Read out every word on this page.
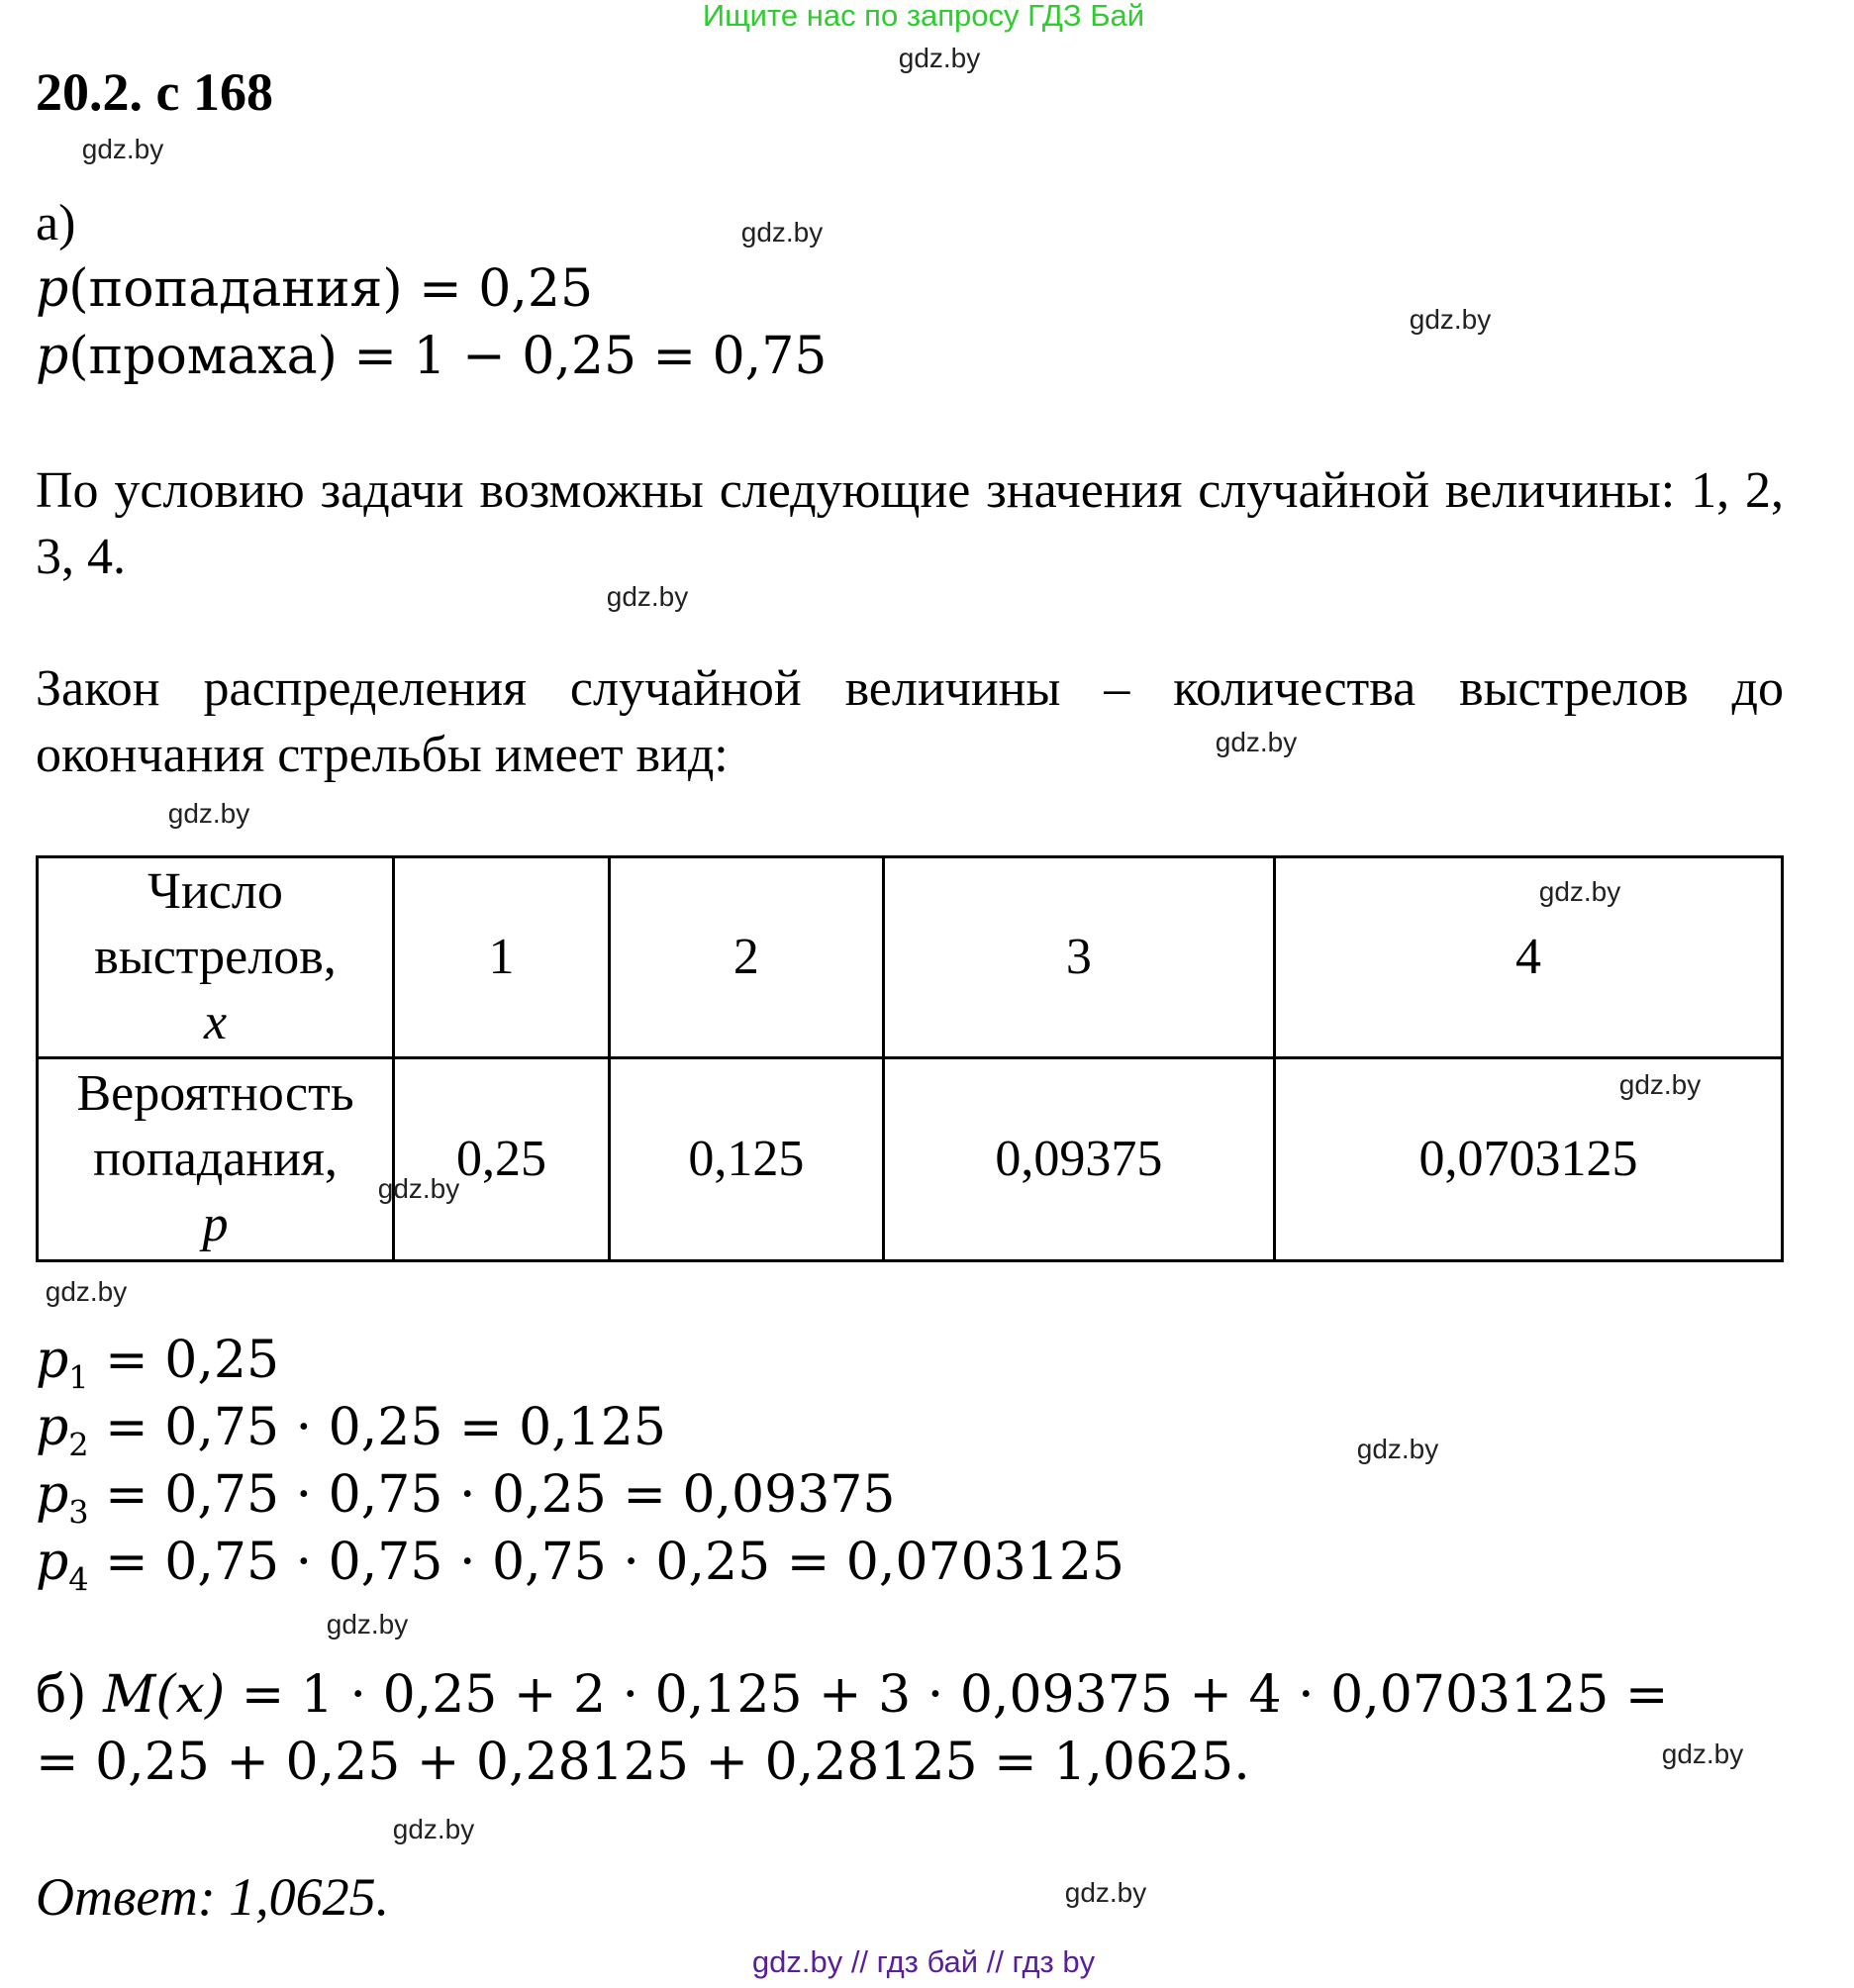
Ищите нас по запросу ГДЗ Бай
20.2. с 168
а)
p(попадания) = 0,25
p(промаха) = 1 − 0,25 = 0,75
По условию задачи возможны следующие значения случайной величины: 1, 2, 3, 4.
Закон распределения случайной величины – количества выстрелов до окончания стрельбы имеет вид:
Число
выстрелов,
x	1	2	3	4

Вероятность
попадания,
p	0,25	0,125	0,09375	0,0703125
$p_1 = 0,25$
$p_2 = 0,75 \cdot 0,25 = 0,125$
$p_3 = 0,75 \cdot 0,75 \cdot 0,25 = 0,09375$
$p_4 = 0,75 \cdot 0,75 \cdot 0,75 \cdot 0,25 = 0,0703125$
б) M(x) = 1 · 0,25 + 2 · 0,125 + 3 · 0,09375 + 4 · 0,0703125 =
= 0,25 + 0,25 + 0,28125 + 0,28125 = 1,0625.
Ответ: 1,0625.
gdz.by // гдз бай // гдз by
gdz.by
gdz.by
gdz.by
gdz.by
gdz.by
gdz.by
gdz.by
gdz.by
gdz.by
gdz.by
gdz.by
gdz.by
gdz.by
gdz.by
gdz.by
gdz.by
